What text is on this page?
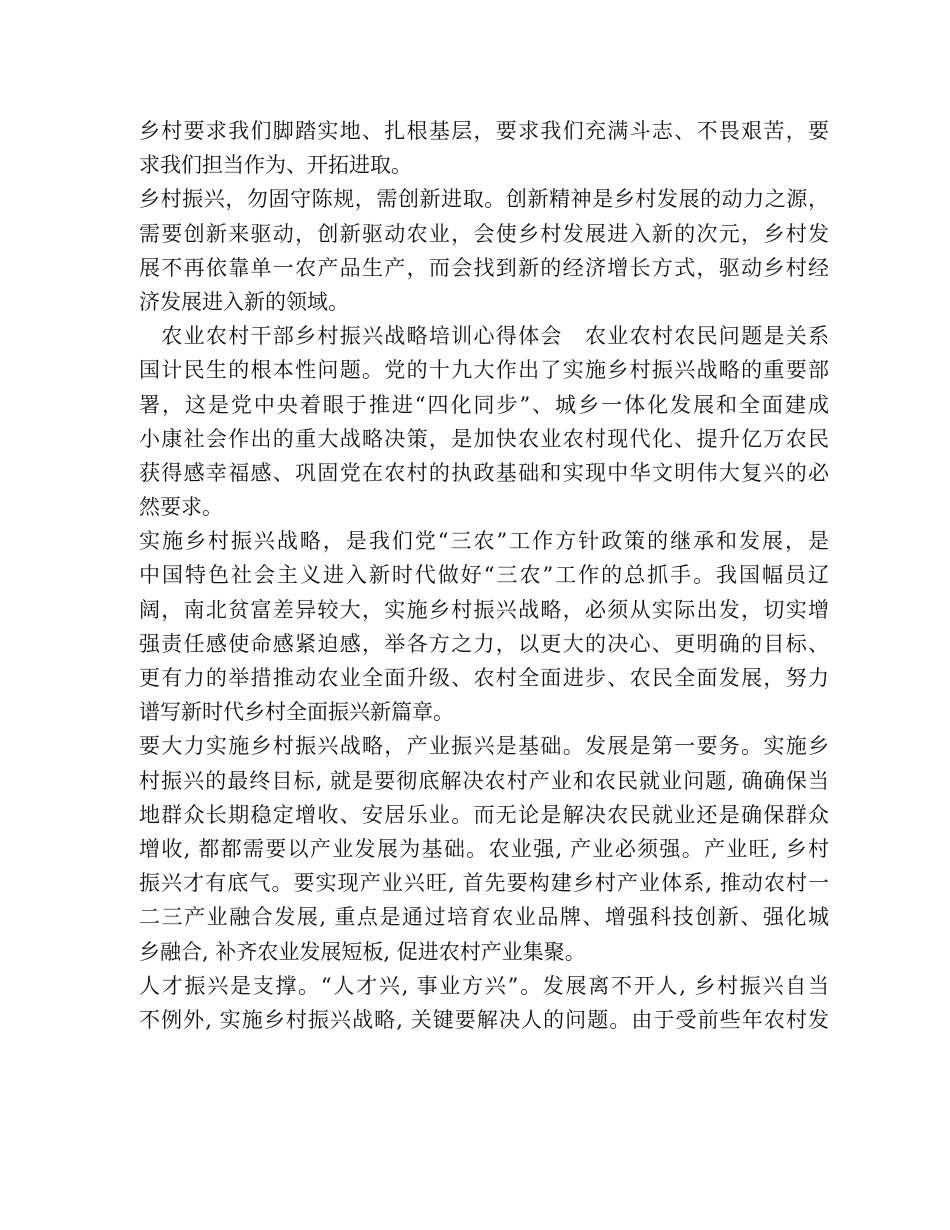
乡村要求我们脚踏实地、扎根基层，要求我们充满斗志、不畏艰苦，要
求我们担当作为、开拓进取。
乡村振兴，勿固守陈规，需创新进取。创新精神是乡村发展的动力之源，
需要创新来驱动，创新驱动农业，会使乡村发展进入新的次元，乡村发
展不再依靠单一农产品生产，而会找到新的经济增长方式，驱动乡村经
济发展进入新的领域。
　农业农村干部乡村振兴战略培训心得体会　农业农村农民问题是关系
国计民生的根本性问题。党的十九大作出了实施乡村振兴战略的重要部
署，这是党中央着眼于推进“四化同步”、城乡一体化发展和全面建成
小康社会作出的重大战略决策，是加快农业农村现代化、提升亿万农民
获得感幸福感、巩固党在农村的执政基础和实现中华文明伟大复兴的必
然要求。
实施乡村振兴战略，是我们党“三农”工作方针政策的继承和发展，是
中国特色社会主义进入新时代做好“三农”工作的总抓手。我国幅员辽
阔，南北贫富差异较大，实施乡村振兴战略，必须从实际出发，切实增
强责任感使命感紧迫感，举各方之力，以更大的决心、更明确的目标、
更有力的举措推动农业全面升级、农村全面进步、农民全面发展，努力
谱写新时代乡村全面振兴新篇章。
要大力实施乡村振兴战略，产业振兴是基础。发展是第一要务。实施乡
村振兴的最终目标, 就是要彻底解决农村产业和农民就业问题, 确确保当
地群众长期稳定增收、安居乐业。而无论是解决农民就业还是确保群众
增收, 都都需要以产业发展为基础。农业强, 产业必须强。产业旺, 乡村
振兴才有底气。要实现产业兴旺, 首先要构建乡村产业体系, 推动农村一
二三产业融合发展, 重点是通过培育农业品牌、增强科技创新、强化城
乡融合, 补齐农业发展短板, 促进农村产业集聚。
人才振兴是支撑。“人才兴, 事业方兴”。发展离不开人, 乡村振兴自当
不例外, 实施乡村振兴战略, 关键要解决人的问题。由于受前些年农村发
